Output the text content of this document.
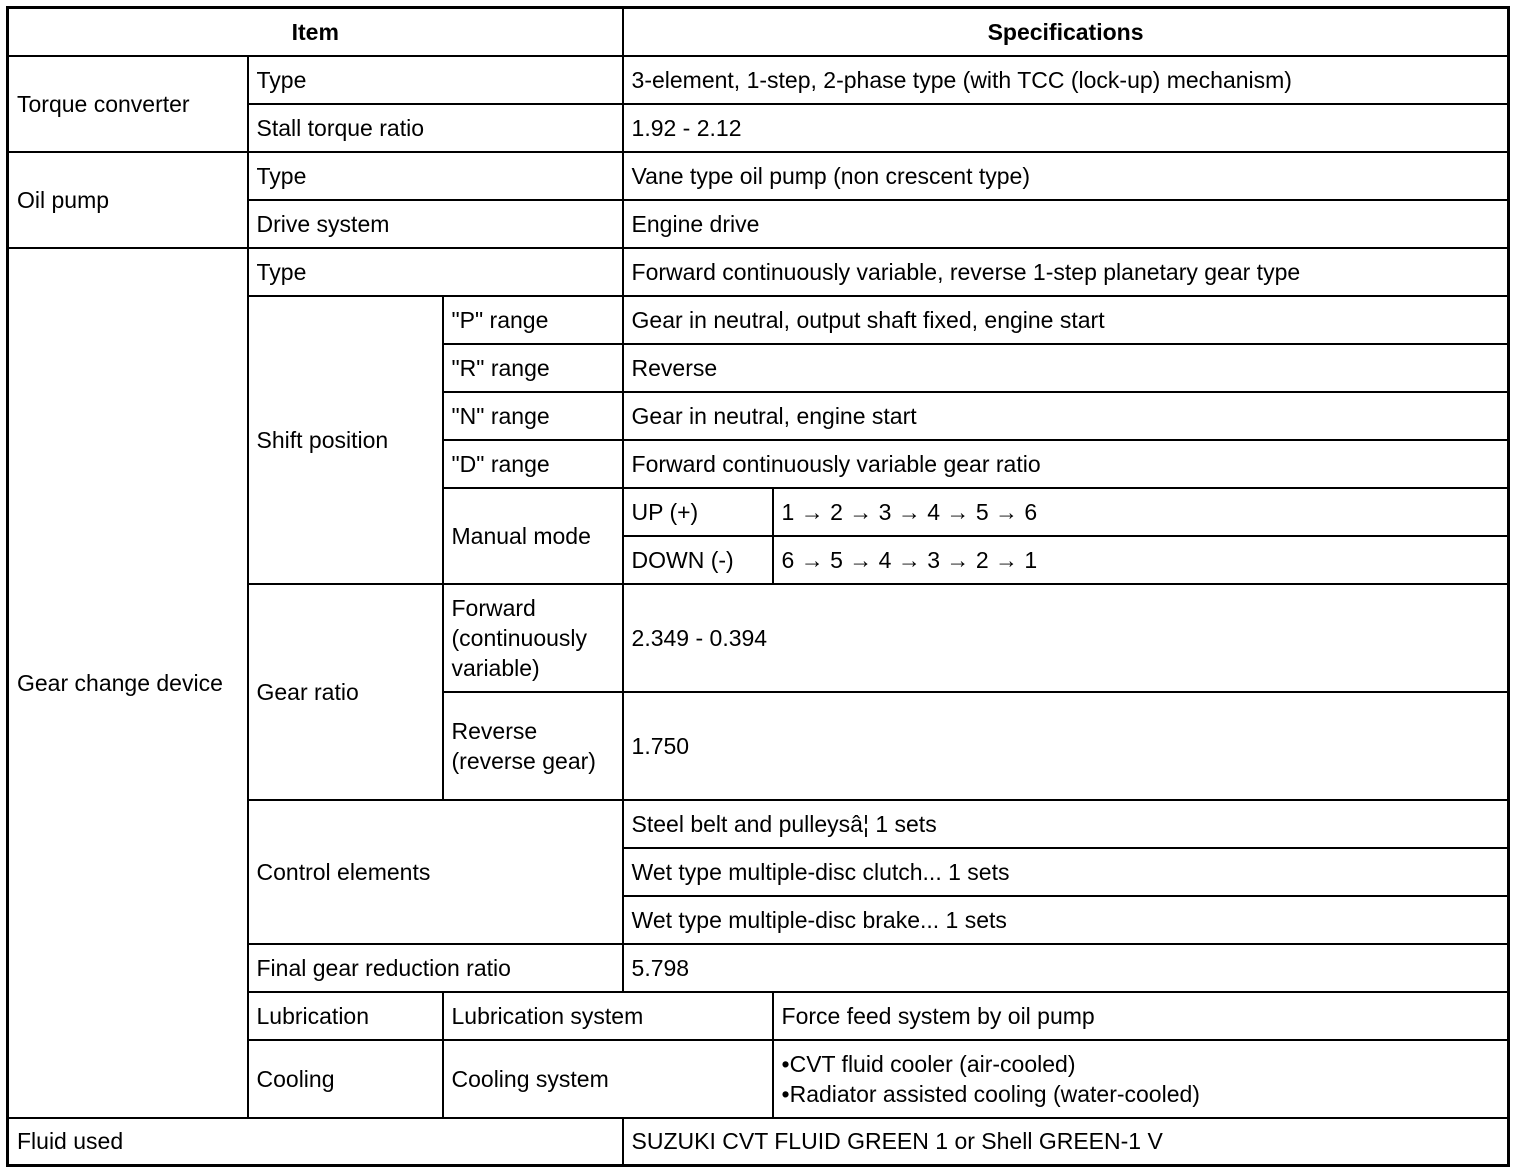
Item			Specifications	
Torque converter	Type		3-element, 1-step, 2-phase type (with TCC (lock-up) mechanism)	
	Stall torque ratio		1.92 - 2.12	
Oil pump	Type		Vane type oil pump (non crescent type)	
	Drive system		Engine drive	
Gear change device	Type		Forward continuously variable, reverse 1-step planetary gear type	
	Shift position	"P" range	Gear in neutral, output shaft fixed, engine start	
		"R" range	Reverse	
		"N" range	Gear in neutral, engine start	
		"D" range	Forward continuously variable gear ratio	
		Manual mode	UP (+)	1 → 2 → 3 → 4 → 5 → 6
			DOWN (-)	6 → 5 → 4 → 3 → 2 → 1
	Gear ratio	Forward (continuously variable)	2.349 - 0.394	
		Reverse (reverse gear)	1.750	
	Control elements		Steel belt and pulleysâ¦ 1 sets	
			Wet type multiple-disc clutch... 1 sets	
			Wet type multiple-disc brake... 1 sets	
	Final gear reduction ratio		5.798	
	Lubrication	Lubrication system		Force feed system by oil pump
	Cooling	Cooling system		•CVT fluid cooler (air-cooled)
•Radiator assisted cooling (water-cooled)

Fluid used			SUZUKI CVT FLUID GREEN 1 or Shell GREEN-1 V	
